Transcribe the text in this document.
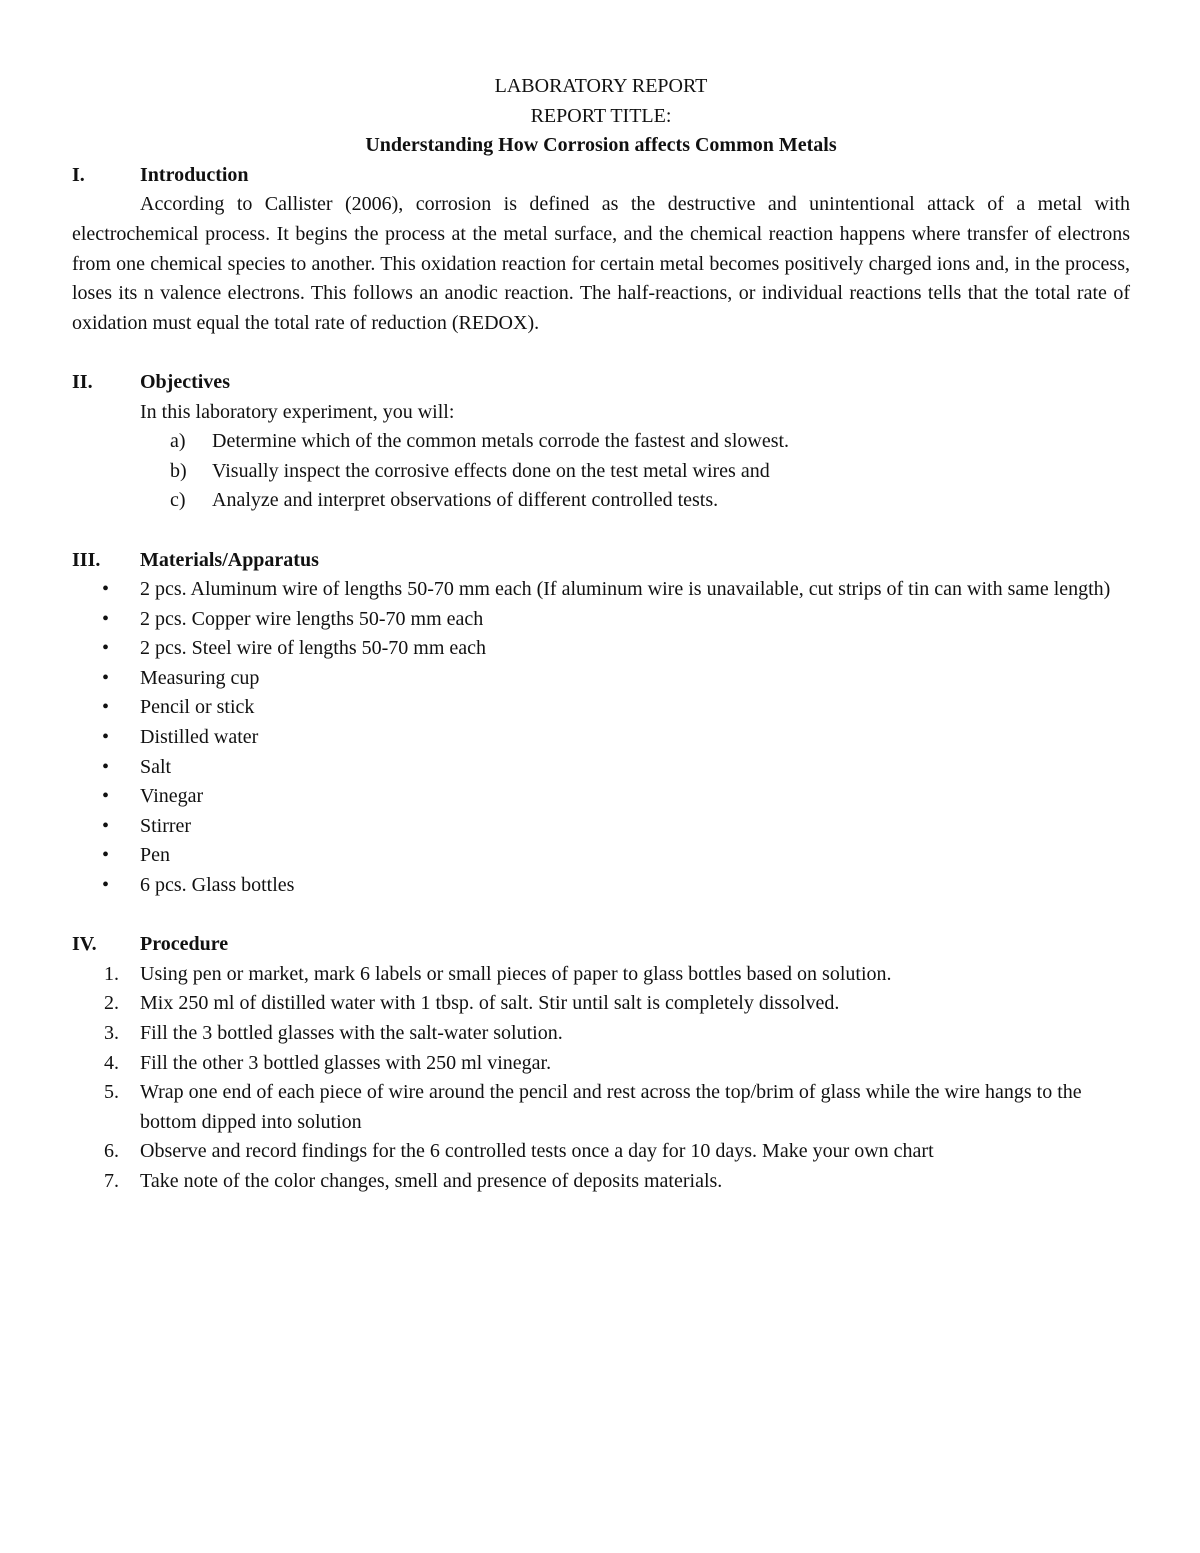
LABORATORY REPORT
REPORT TITLE:
Understanding How Corrosion affects Common Metals
I.	Introduction
According to Callister (2006), corrosion is defined as the destructive and unintentional attack of a metal with electrochemical process. It begins the process at the metal surface, and the chemical reaction happens where transfer of electrons from one chemical species to another. This oxidation reaction for certain metal becomes positively charged ions and, in the process, loses its n valence electrons. This follows an anodic reaction. The half-reactions, or individual reactions tells that the total rate of oxidation must equal the total rate of reduction (REDOX).
II.	Objectives
In this laboratory experiment, you will:
a)	Determine which of the common metals corrode the fastest and slowest.
b)	Visually inspect the corrosive effects done on the test metal wires and
c)	Analyze and interpret observations of different controlled tests.
III.	Materials/Apparatus
•	2 pcs. Aluminum wire of lengths 50-70 mm each (If aluminum wire is unavailable, cut strips of tin can with same length)
•	2 pcs. Copper wire lengths 50-70 mm each
•	2 pcs. Steel wire of lengths 50-70 mm each
•	Measuring cup
•	Pencil or stick
•	Distilled water
•	Salt
•	Vinegar
•	Stirrer
•	Pen
•	6 pcs. Glass bottles
IV.	Procedure
1.	Using pen or market, mark 6 labels or small pieces of paper to glass bottles based on solution.
2.	Mix 250 ml of distilled water with 1 tbsp. of salt. Stir until salt is completely dissolved.
3.	Fill the 3 bottled glasses with the salt-water solution.
4.	Fill the other 3 bottled glasses with 250 ml vinegar.
5.	Wrap one end of each piece of wire around the pencil and rest across the top/brim of glass while the wire hangs to the bottom dipped into solution
6.	Observe and record findings for the 6 controlled tests once a day for 10 days. Make your own chart
7.	Take note of the color changes, smell and presence of deposits materials.
